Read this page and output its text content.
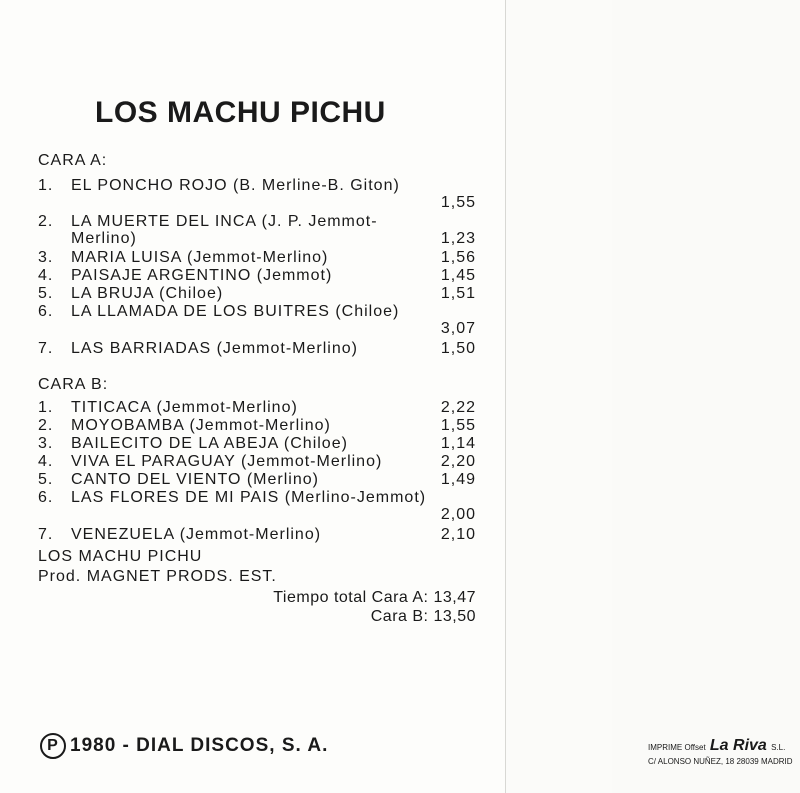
LOS MACHU PICHU
CARA A:
1. EL PONCHO ROJO (B. Merline-B. Giton)
1,55
2. LA MUERTE DEL INCA (J. P. Jemmot-Merlino)	1,23
3. MARIA LUISA (Jemmot-Merlino)	1,56
4. PAISAJE ARGENTINO (Jemmot)	1,45
5. LA BRUJA (Chiloe)	1,51
6. LA LLAMADA DE LOS BUITRES (Chiloe)
3,07
7. LAS BARRIADAS (Jemmot-Merlino)	1,50
CARA B:
1. TITICACA (Jemmot-Merlino)	2,22
2. MOYOBAMBA (Jemmot-Merlino)	1,55
3. BAILECITO DE LA ABEJA (Chiloe)	1,14
4. VIVA EL PARAGUAY (Jemmot-Merlino)	2,20
5. CANTO DEL VIENTO (Merlino)	1,49
6. LAS FLORES DE MI PAIS (Merlino-Jemmot)
2,00
7. VENEZUELA (Jemmot-Merlino)	2,10
LOS MACHU PICHU
Prod. MAGNET PRODS. EST.
Tiempo total Cara A: 13,47
Cara B: 13,50
P 1980 - DIAL DISCOS, S. A.	IMPRIME Offset La Riva S.L.
C/ ALONSO NUÑEZ, 18 28039 MADRID
